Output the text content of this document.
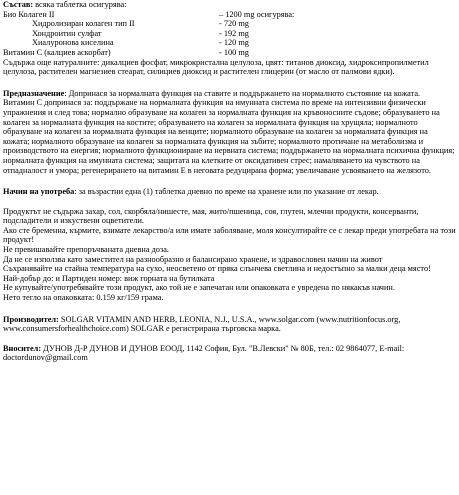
Състав: всяка таблетка осигурява:

Био Колаген II	– 1200 mg осигурява:
Хидролизиран колаген тип II	- 720 mg
Хондроитин сулфат	- 192 mg
Хиалуронова киселина	- 120 mg
Витамин С (калциев аскорбат)	- 100 mg

Съдържа още натуралните: дикалциев фосфат, микрокристална целулоза, цвят: титанов диоксид, хидроксипропилметил целулоза, растителен магнезиев стеарат, силициев диоксид и растителен глицерин (от масло от палмови ядки).

Предназначение: Допринася за нормалната функция на ставите и поддържането на нормалното състояние на кожата.

Витамин С допринася за: поддържане на нормалната функция на имунната система по време на интензивни физически упражнения и след това; нормално образуване на колаген за нормалната функция на кръвоносните съдове; образуването на колаген за нормалната функция на костите; образуването на колаген за нормалната функция на хрущяла; нормалното образуване на колаген за нормалната функция на венците; нормалното образуване на колаген за нормалната функция на кожата; нормалното образуване на колаген за нормалната функция на зъбите; нормалното протичане на метаболизма и производството на енергия; нормалното функциониране на нервната система; поддържането на нормалната психична функция; нормалната функция на имунната система; защитата на клетките от оксидативен стрес; намаляването на чувството на отпадналост и умора; регенерирането на витамин Е в неговата редуцирана форма; увеличаване усвояването на желязото.

Начин на употреба: за възрастни една (1) таблетка дневно по време на хранене или по указание от лекар.

Продуктът не съдържа захар, сол, скорбяла/нишесте, мая, жито/пшеница, соя, глутен, млечни продукти, консерванти, подсладители и изкуствени оцветители.

Ако сте бременна, кърмите, взимате лекарство/а или имате заболяване, моля консултирайте се с лекар преди употребата на този продукт!

Не превишавайте препоръчваната дневна доза.

Да не се използва като заместител на разнообразно и балансирано хранене, и здравословен начин на живот

Съхранявайте на стайна температура на сухо, неосветено от пряка слънчева светлина и недостъпно за малки деца място!

Най-добър до: и Партиден номер: виж горната на бутилката

Не купувайте/употребявайте този продукт, ако той не е запечатан или опаковката е увредена по някакъв начин.

Нето тегло на опаковката: 0.159 кг/159 грама.

Производител: SOLGAR VITAMIN AND HERB, LEONIA, N.J., U.S.A., www.solgar.com (www.nutritionfocus.org, www.consumersforhealthchoice.com) SOLGAR е регистрирана търговска марка.

Вносител: ДУНОВ Д-Р ДУНОВ И ДУНОВ ЕООД, 1142 София, Бул. "В.Левски" № 80Б, тел.: 02 9864077, Е-mail: doctordunov@gmail.com
